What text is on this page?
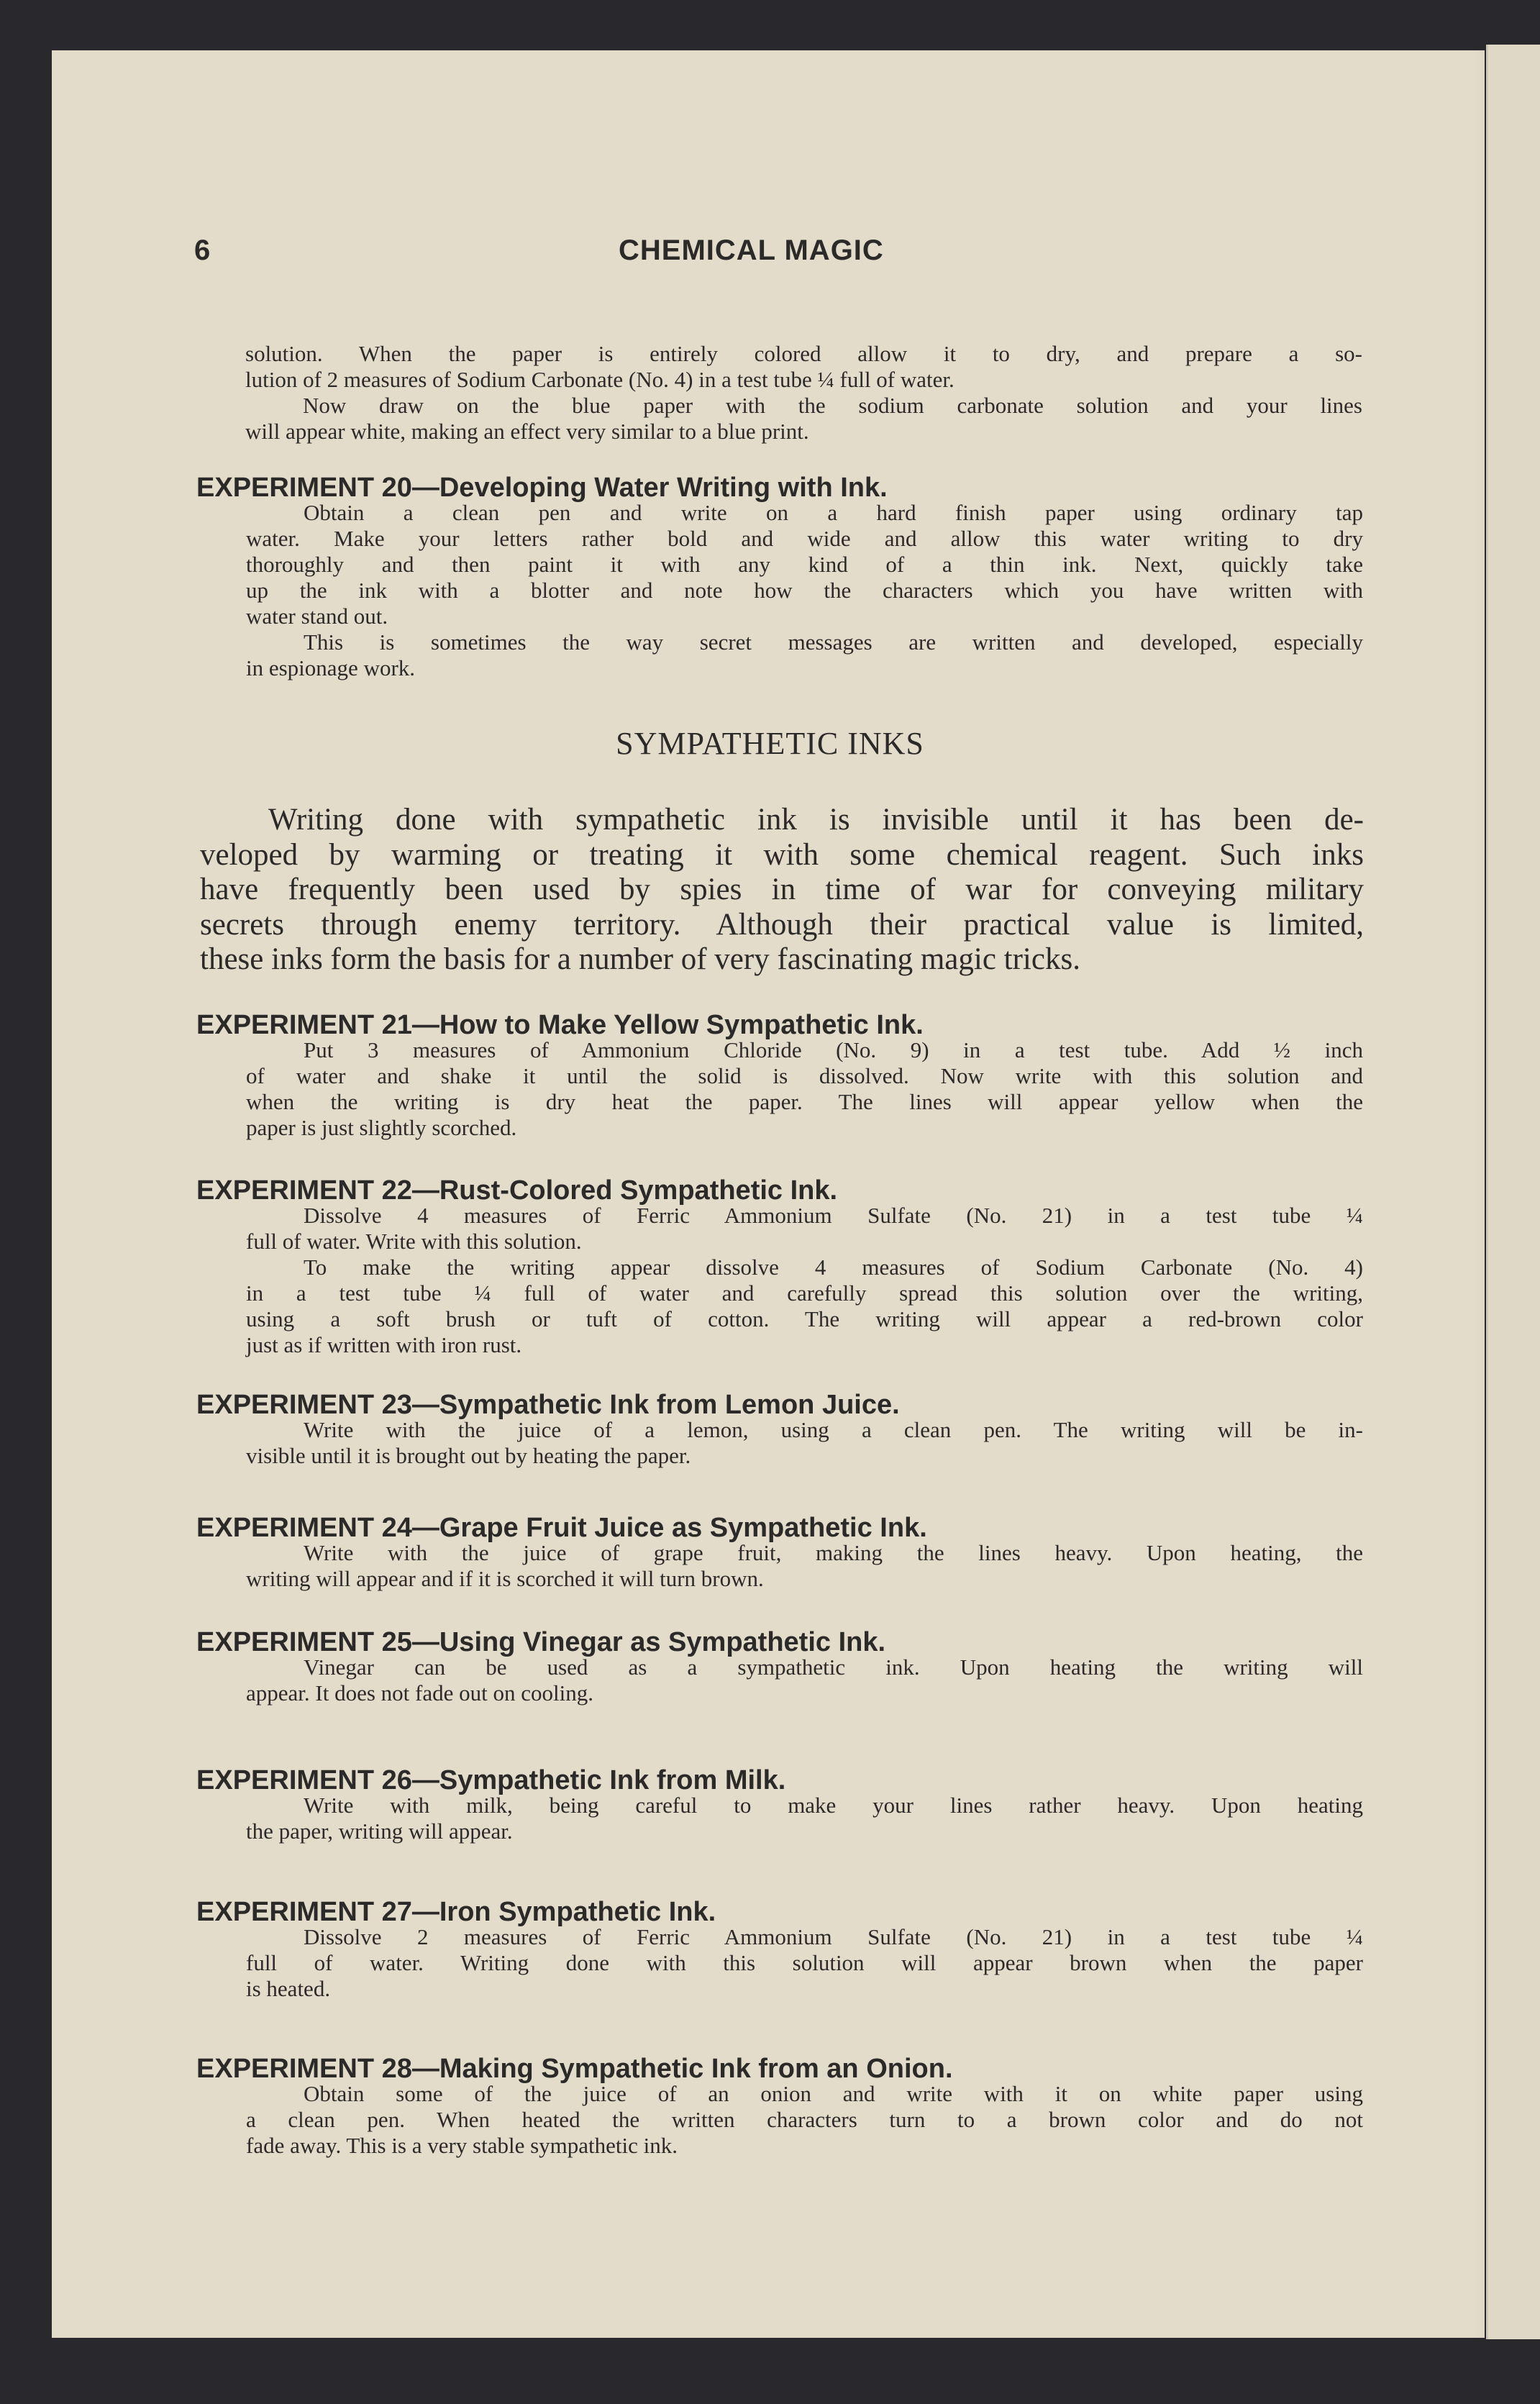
6	CHEMICAL MAGIC
solution. When the paper is entirely colored allow it to dry, and prepare a so-
lution of 2 measures of Sodium Carbonate (No. 4) in a test tube ¼ full of water.
Now draw on the blue paper with the sodium carbonate solution and your lines
will appear white, making an effect very similar to a blue print.
SYMPATHETIC INKS
Writing done with sympathetic ink is invisible until it has been de-
veloped by warming or treating it with some chemical reagent. Such inks
have frequently been used by spies in time of war for conveying military
secrets through enemy territory. Although their practical value is limited,
these inks form the basis for a number of very fascinating magic tricks.
EXPERIMENT 20—Developing Water Writing with Ink.
Obtain a clean pen and write on a hard finish paper using ordinary tap
water. Make your letters rather bold and wide and allow this water writing to dry
thoroughly and then paint it with any kind of a thin ink. Next, quickly take
up the ink with a blotter and note how the characters which you have written with
water stand out.
This is sometimes the way secret messages are written and developed, especially
in espionage work.
EXPERIMENT 21—How to Make Yellow Sympathetic Ink.
Put 3 measures of Ammonium Chloride (No. 9) in a test tube. Add ½ inch
of water and shake it until the solid is dissolved. Now write with this solution and
when the writing is dry heat the paper. The lines will appear yellow when the
paper is just slightly scorched.
EXPERIMENT 22—Rust-Colored Sympathetic Ink.
Dissolve 4 measures of Ferric Ammonium Sulfate (No. 21) in a test tube ¼
full of water. Write with this solution.
To make the writing appear dissolve 4 measures of Sodium Carbonate (No. 4)
in a test tube ¼ full of water and carefully spread this solution over the writing,
using a soft brush or tuft of cotton. The writing will appear a red-brown color
just as if written with iron rust.
EXPERIMENT 23—Sympathetic Ink from Lemon Juice.
Write with the juice of a lemon, using a clean pen. The writing will be in-
visible until it is brought out by heating the paper.
EXPERIMENT 24—Grape Fruit Juice as Sympathetic Ink.
Write with the juice of grape fruit, making the lines heavy. Upon heating, the
writing will appear and if it is scorched it will turn brown.
EXPERIMENT 25—Using Vinegar as Sympathetic Ink.
Vinegar can be used as a sympathetic ink. Upon heating the writing will
appear. It does not fade out on cooling.
EXPERIMENT 26—Sympathetic Ink from Milk.
Write with milk, being careful to make your lines rather heavy. Upon heating
the paper, writing will appear.
EXPERIMENT 27—Iron Sympathetic Ink.
Dissolve 2 measures of Ferric Ammonium Sulfate (No. 21) in a test tube ¼
full of water. Writing done with this solution will appear brown when the paper
is heated.
EXPERIMENT 28—Making Sympathetic Ink from an Onion.
Obtain some of the juice of an onion and write with it on white paper using
a clean pen. When heated the written characters turn to a brown color and do not
fade away. This is a very stable sympathetic ink.
